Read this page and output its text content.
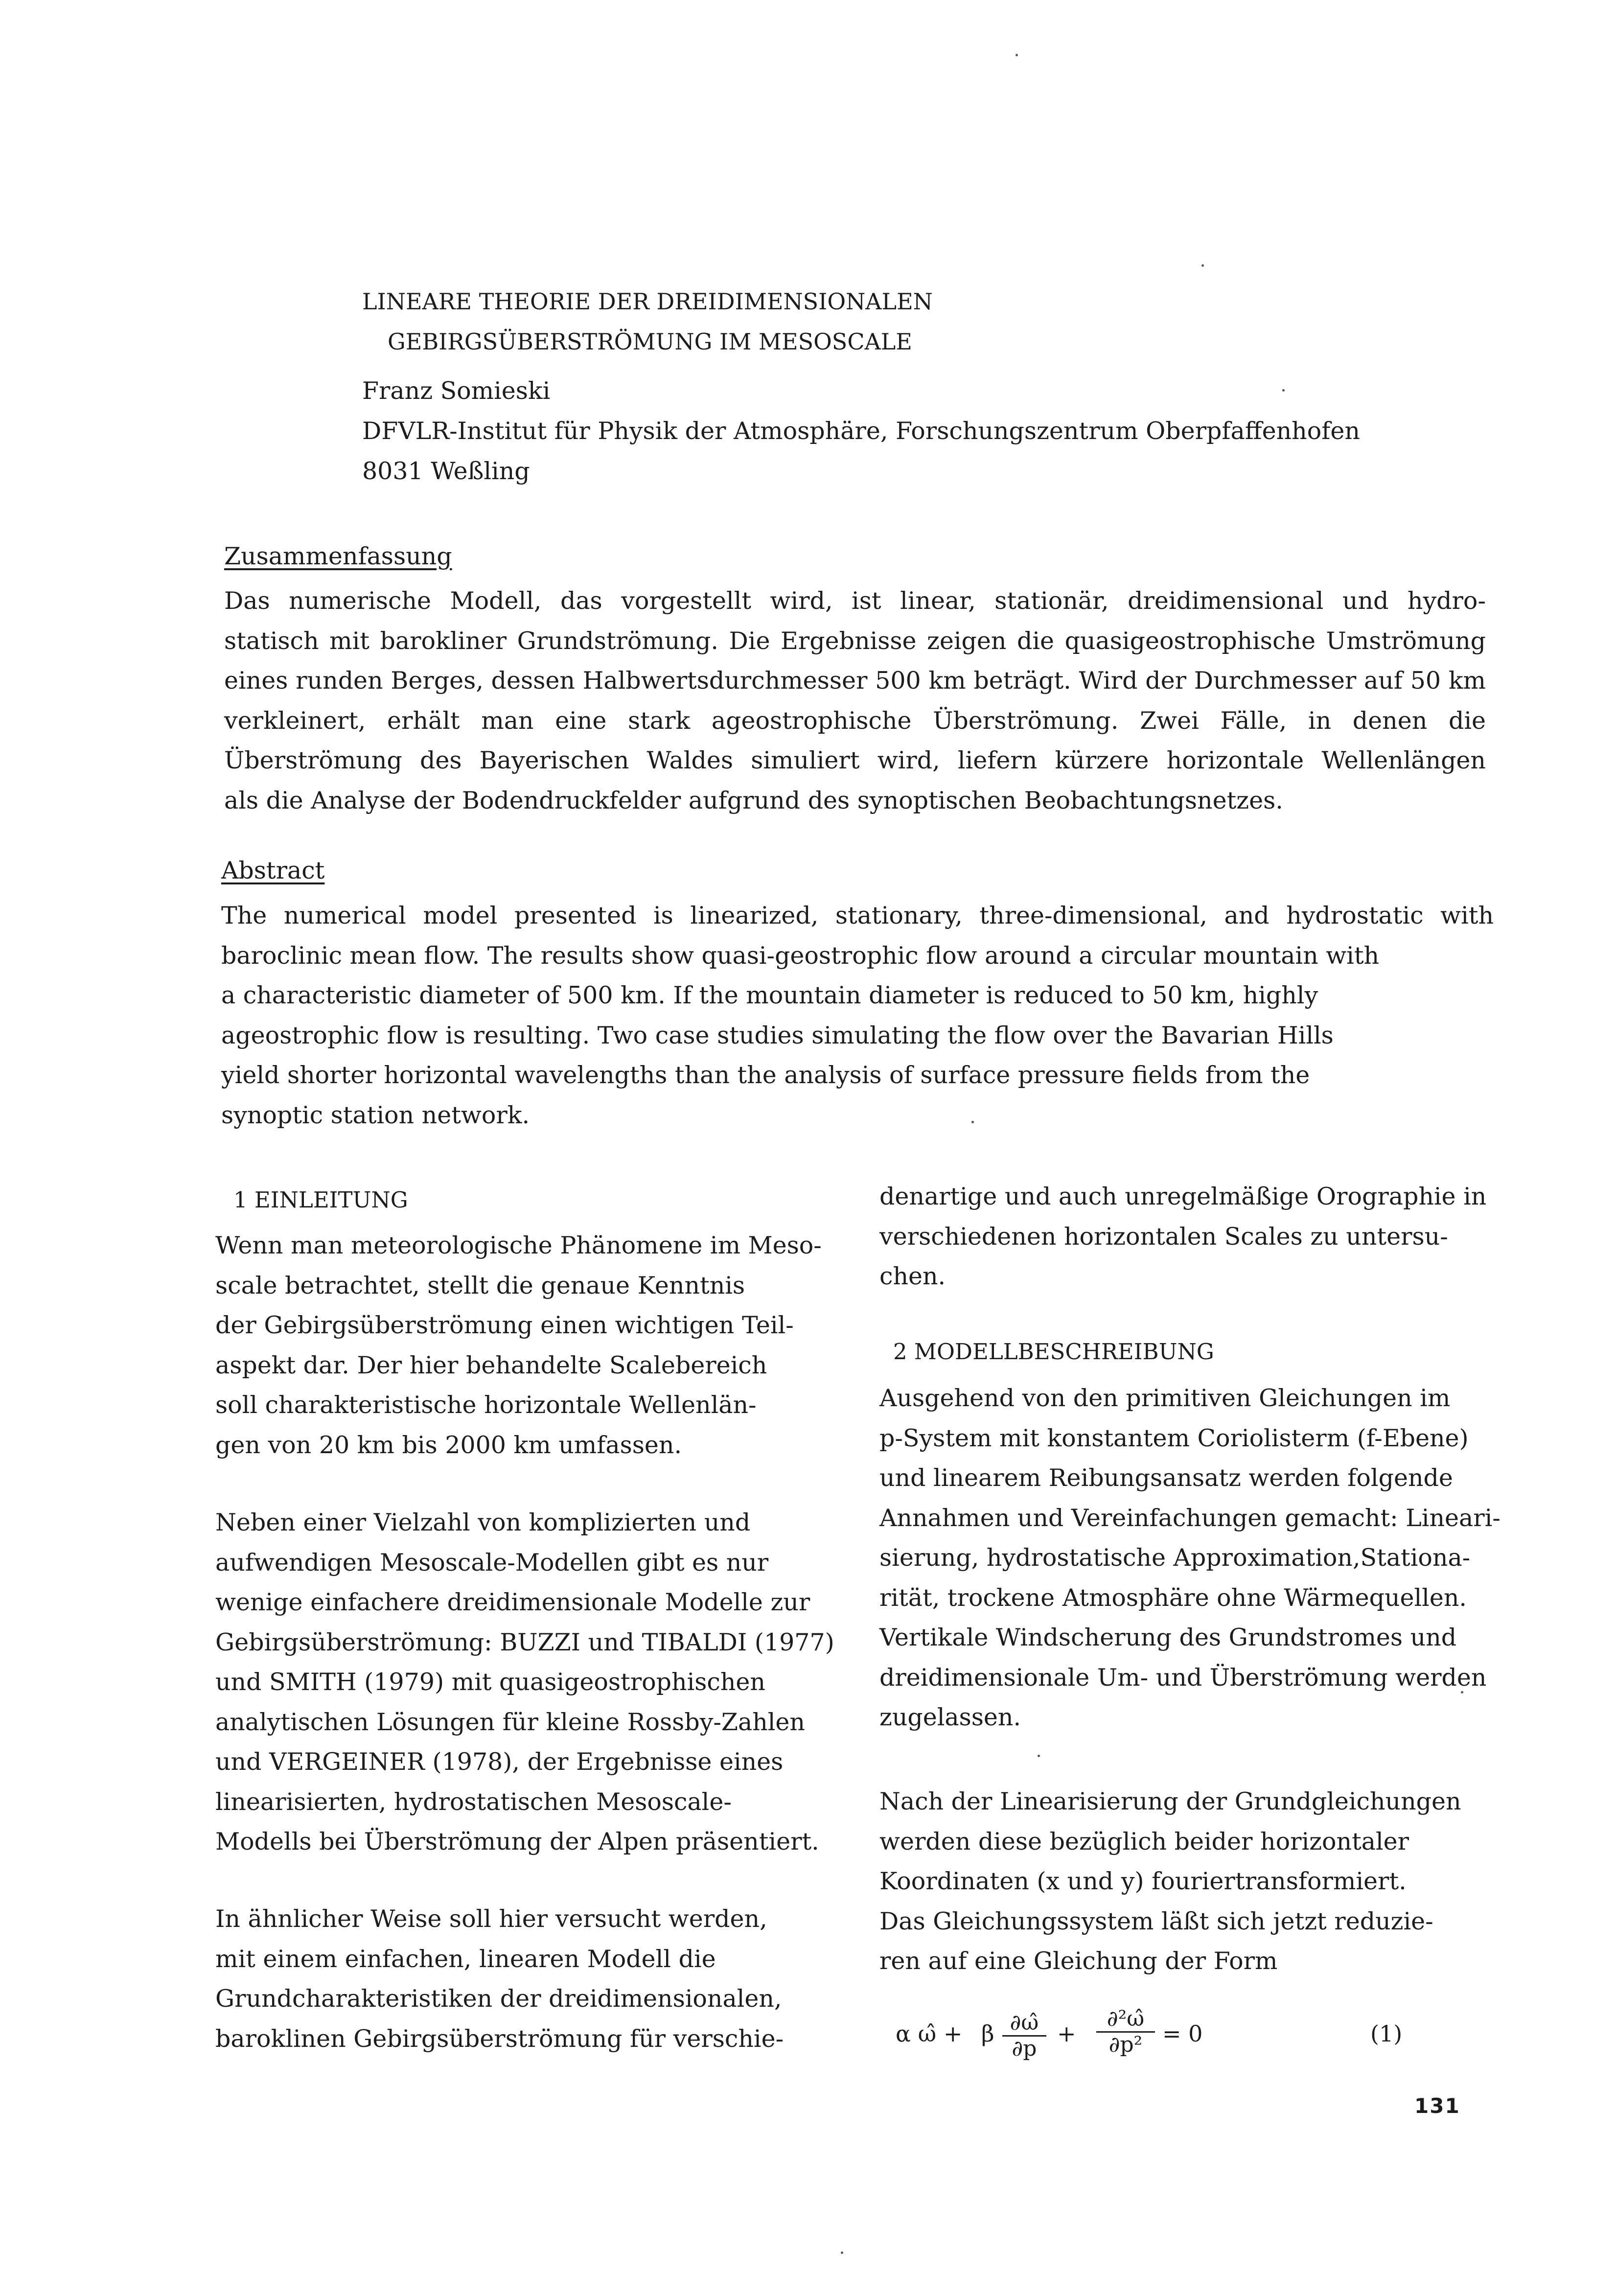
LINEARE THEORIE DER DREIDIMENSIONALEN
GEBIRGSÜBERSTRÖMUNG IM MESOSCALE
Franz Somieski
DFVLR-Institut für Physik der Atmosphäre, Forschungszentrum Oberpfaffenhofen
8031 Weßling
Zusammenfassung
Das numerische Modell, das vorgestellt wird, ist linear, stationär, dreidimensional und hydro-
statisch mit barokliner Grundströmung. Die Ergebnisse zeigen die quasigeostrophische Umströmung
eines runden Berges, dessen Halbwertsdurchmesser 500 km beträgt. Wird der Durchmesser auf 50 km
verkleinert, erhält man eine stark ageostrophische Überströmung. Zwei Fälle, in denen die
Überströmung des Bayerischen Waldes simuliert wird, liefern kürzere horizontale Wellenlängen
als die Analyse der Bodendruckfelder aufgrund des synoptischen Beobachtungsnetzes.
Abstract
The numerical model presented is linearized, stationary, three-dimensional, and hydrostatic with
baroclinic mean flow. The results show quasi-geostrophic flow around a circular mountain with
a characteristic diameter of 500 km. If the mountain diameter is reduced to 50 km, highly
ageostrophic flow is resulting. Two case studies simulating the flow over the Bavarian Hills
yield shorter horizontal wavelengths than the analysis of surface pressure fields from the
synoptic station network.
1 EINLEITUNG
Wenn man meteorologische Phänomene im Meso-
scale betrachtet, stellt die genaue Kenntnis
der Gebirgsüberströmung einen wichtigen Teil-
aspekt dar. Der hier behandelte Scalebereich
soll charakteristische horizontale Wellenlän-
gen von 20 km bis 2000 km umfassen.
Neben einer Vielzahl von komplizierten und
aufwendigen Mesoscale-Modellen gibt es nur
wenige einfachere dreidimensionale Modelle zur
Gebirgsüberströmung: BUZZI und TIBALDI (1977)
und SMITH (1979) mit quasigeostrophischen
analytischen Lösungen für kleine Rossby-Zahlen
und VERGEINER (1978), der Ergebnisse eines
linearisierten, hydrostatischen Mesoscale-
Modells bei Überströmung der Alpen präsentiert.
In ähnlicher Weise soll hier versucht werden,
mit einem einfachen, linearen Modell die
Grundcharakteristiken der dreidimensionalen,
baroklinen Gebirgsüberströmung für verschie-
denartige und auch unregelmäßige Orographie in
verschiedenen horizontalen Scales zu untersu-
chen.
2 MODELLBESCHREIBUNG
Ausgehend von den primitiven Gleichungen im
p-System mit konstantem Coriolisterm (f-Ebene)
und linearem Reibungsansatz werden folgende
Annahmen und Vereinfachungen gemacht: Lineari-
sierung, hydrostatische Approximation,Stationa-
rität, trockene Atmosphäre ohne Wärmequellen.
Vertikale Windscherung des Grundstromes und
dreidimensionale Um- und Überströmung werden
zugelassen.
Nach der Linearisierung der Grundgleichungen
werden diese bezüglich beider horizontaler
Koordinaten (x und y) fouriertransformiert.
Das Gleichungssystem läßt sich jetzt reduzie-
ren auf eine Gleichung der Form
α ω̂ + β ∂ω̂
∂p
+
∂²ω̂
∂p² = 0	(1)
131
